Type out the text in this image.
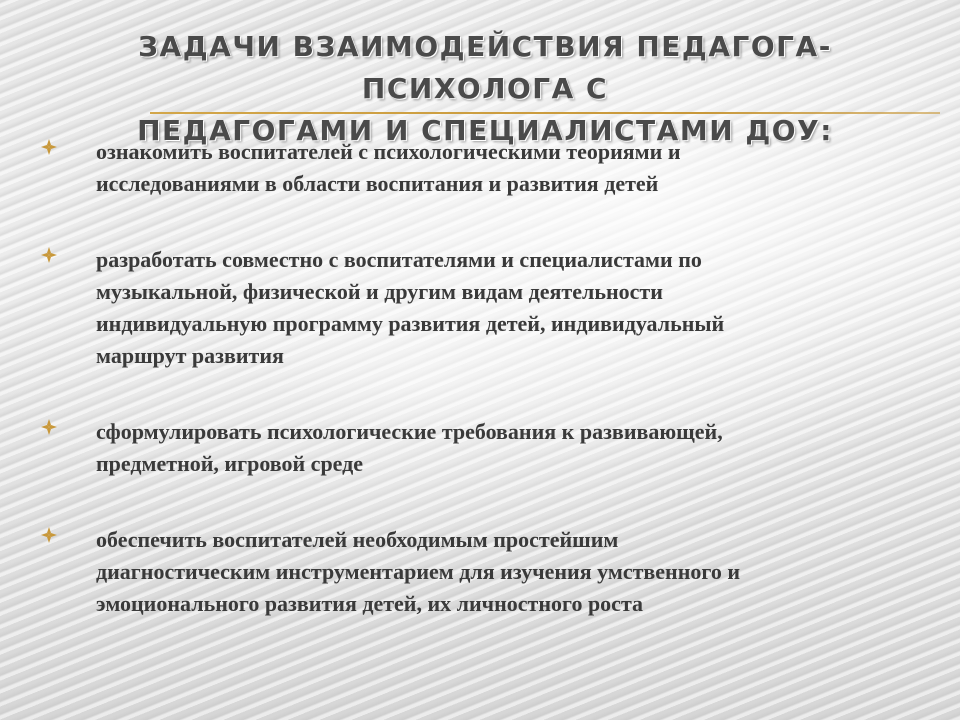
ЗАДАЧИ ВЗАИМОДЕЙСТВИЯ ПЕДАГОГА-ПСИХОЛОГА С
ПЕДАГОГАМИ И СПЕЦИАЛИСТАМИ ДОУ:
ознакомить воспитателей с психологическими теориями и
исследованиями в области воспитания и развития детей
разработать совместно с воспитателями и специалистами по
музыкальной, физической и другим видам деятельности
индивидуальную программу развития детей, индивидуальный
маршрут развития
сформулировать психологические требования к развивающей,
предметной, игровой среде
обеспечить воспитателей необходимым простейшим
диагностическим инструментарием для изучения умственного и
эмоционального развития детей, их личностного роста
